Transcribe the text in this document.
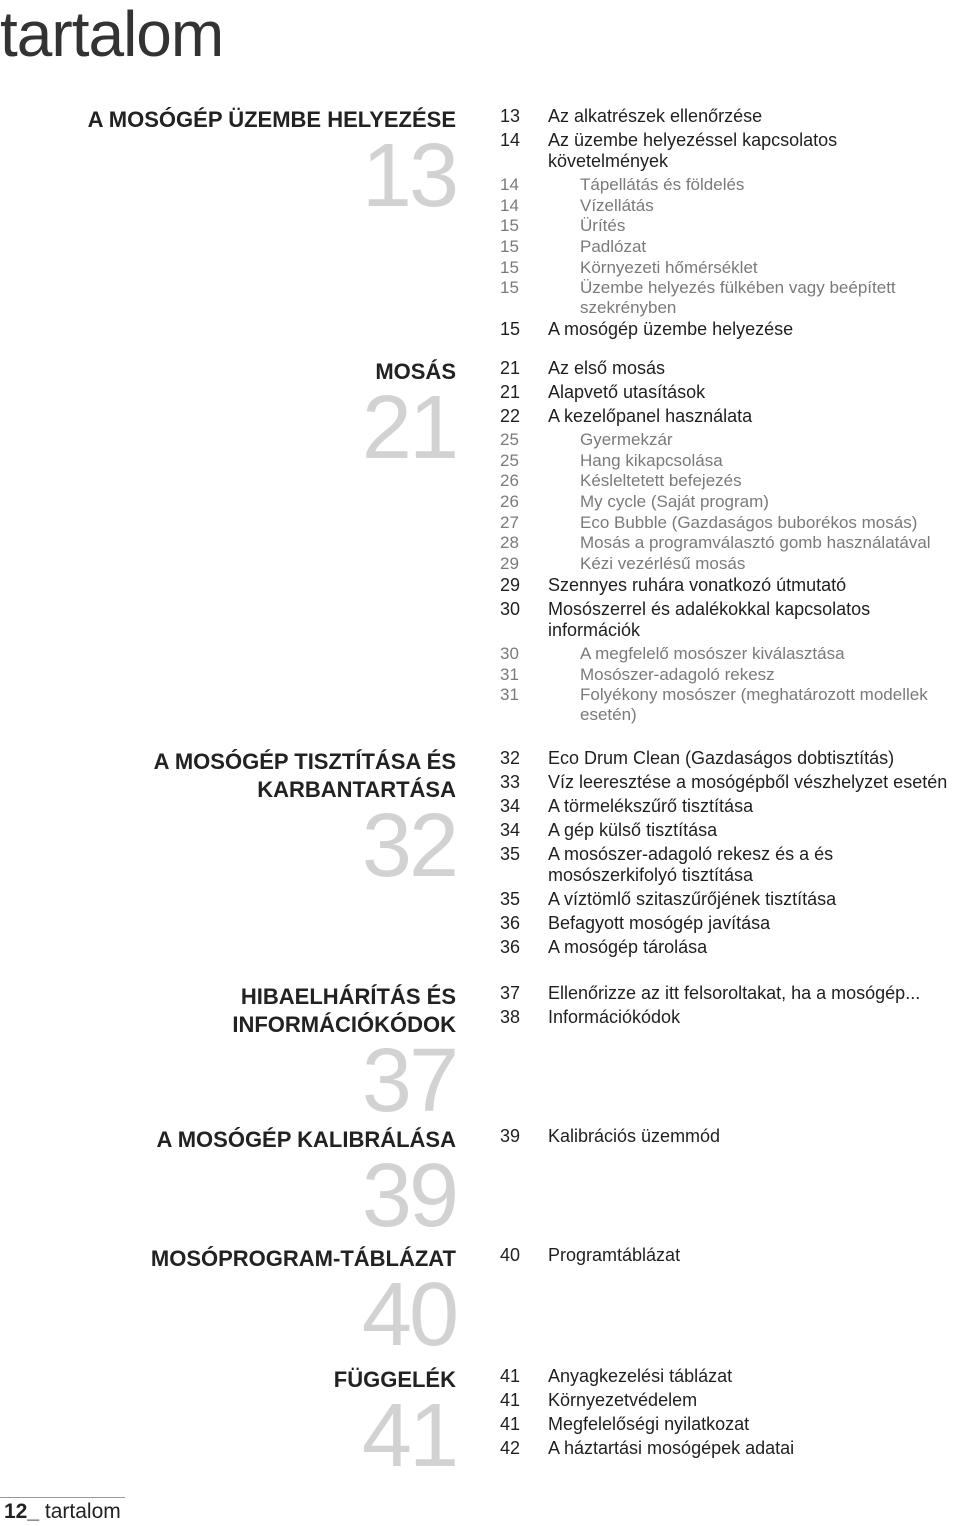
tartalom
A MOSÓGÉP ÜZEMBE HELYEZÉSE
13
13	Az alkatrészek ellenőrzése
14	Az üzembe helyezéssel kapcsolatos követelmények
14	Tápellátás és földelés
14	Vízellátás
15	Ürítés
15	Padlózat
15	Környezeti hőmérséklet
15	Üzembe helyezés fülkében vagy beépített szekrényben
15	A mosógép üzembe helyezése
MOSÁS
21
21	Az első mosás
21	Alapvető utasítások
22	A kezelőpanel használata
25	Gyermekzár
25	Hang kikapcsolása
26	Késleltetett befejezés
26	My cycle (Saját program)
27	Eco Bubble (Gazdaságos buborékos mosás)
28	Mosás a programválasztó gomb használatával
29	Kézi vezérlésű mosás
29	Szennyes ruhára vonatkozó útmutató
30	Mosószerrel és adalékokkal kapcsolatos információk
30	A megfelelő mosószer kiválasztása
31	Mosószer-adagoló rekesz
31	Folyékony mosószer (meghatározott modellek esetén)
A MOSÓGÉP TISZTÍTÁSA ÉS
KARBANTARTÁSA
32
32	Eco Drum Clean (Gazdaságos dobtisztítás)
33	Víz leeresztése a mosógépből vészhelyzet esetén
34	A törmelékszűrő tisztítása
34	A gép külső tisztítása
35	A mosószer-adagoló rekesz és a és mosószerkifolyó tisztítása
35	A víztömlő szitaszűrőjének tisztítása
36	Befagyott mosógép javítása
36	A mosógép tárolása
HIBAELHÁRÍTÁS ÉS
INFORMÁCIÓKÓDOK
37
37	Ellenőrizze az itt felsoroltakat, ha a mosógép...
38	Információkódok
A MOSÓGÉP KALIBRÁLÁSA
39
39	Kalibrációs üzemmód
MOSÓPROGRAM-TÁBLÁZAT
40
40	Programtáblázat
FÜGGELÉK
41
41	Anyagkezelési táblázat
41	Környezetvédelem
41	Megfelelőségi nyilatkozat
42	A háztartási mosógépek adatai
12_ tartalom
